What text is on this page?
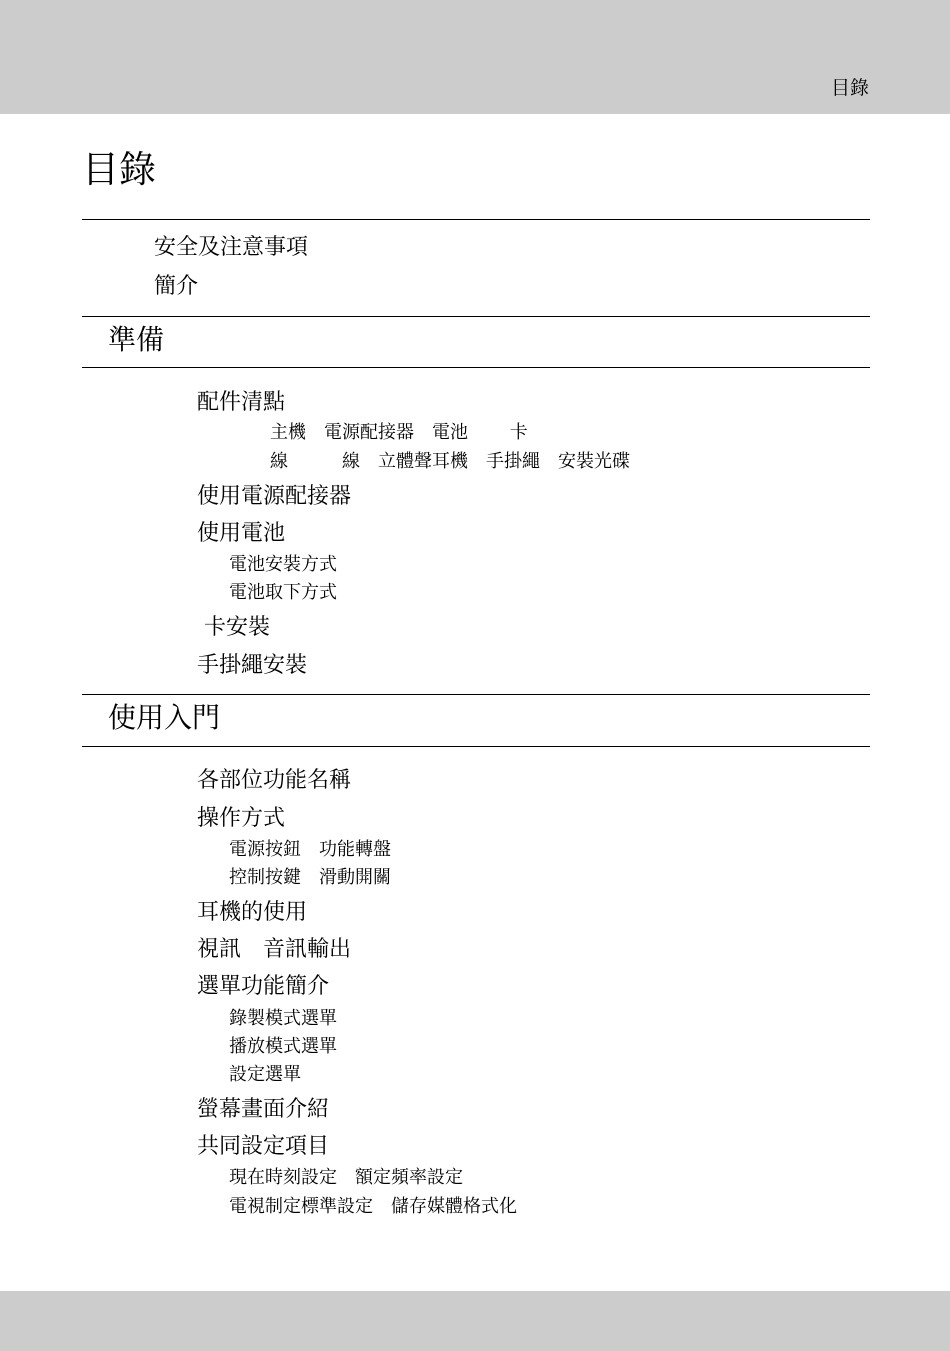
目錄
目錄
安全及注意事項
簡介
準備
配件清點
主機　電源配接器　電池　　 卡
線　　　線　立體聲耳機　手掛繩　安裝光碟
使用電源配接器
使用電池
電池安裝方式
電池取下方式
卡安裝
手掛繩安裝
使用入門
各部位功能名稱
操作方式
電源按鈕　功能轉盤
控制按鍵　滑動開關
耳機的使用
視訊　音訊輸出
選單功能簡介
錄製模式選單
播放模式選單
設定選單
螢幕畫面介紹
共同設定項目
現在時刻設定　額定頻率設定
電視制定標準設定　儲存媒體格式化
